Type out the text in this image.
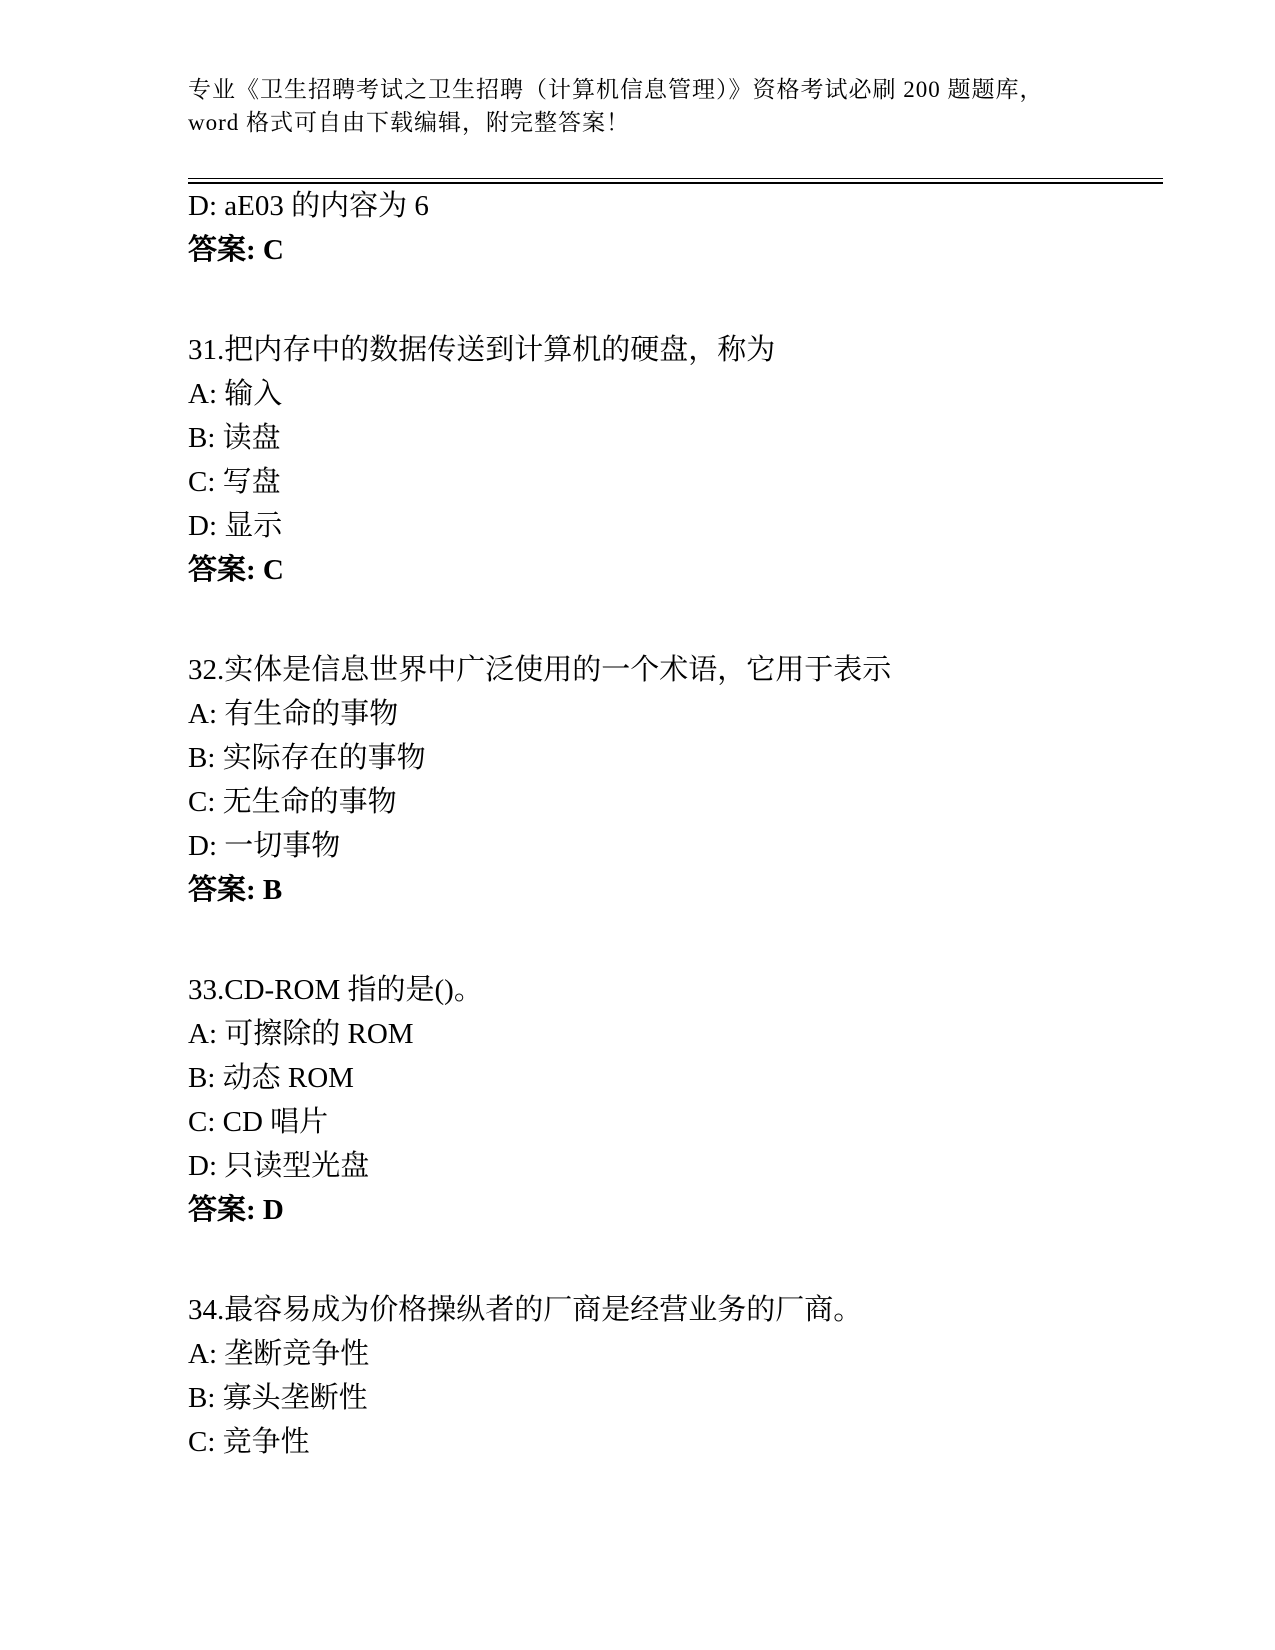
专业《卫生招聘考试之卫生招聘（计算机信息管理）》资格考试必刷 200 题题库，
word 格式可自由下载编辑，附完整答案！

D: aE03 的内容为 6

答案: C

31.把内存中的数据传送到计算机的硬盘，称为

A: 输入

B: 读盘

C: 写盘

D: 显示

答案: C

32.实体是信息世界中广泛使用的一个术语，它用于表示

A: 有生命的事物

B: 实际存在的事物

C: 无生命的事物

D: 一切事物

答案: B

33.CD-ROM 指的是()。

A: 可擦除的 ROM

B: 动态 ROM

C: CD 唱片

D: 只读型光盘

答案: D

34.最容易成为价格操纵者的厂商是经营业务的厂商。

A: 垄断竞争性

B: 寡头垄断性

C: 竞争性
